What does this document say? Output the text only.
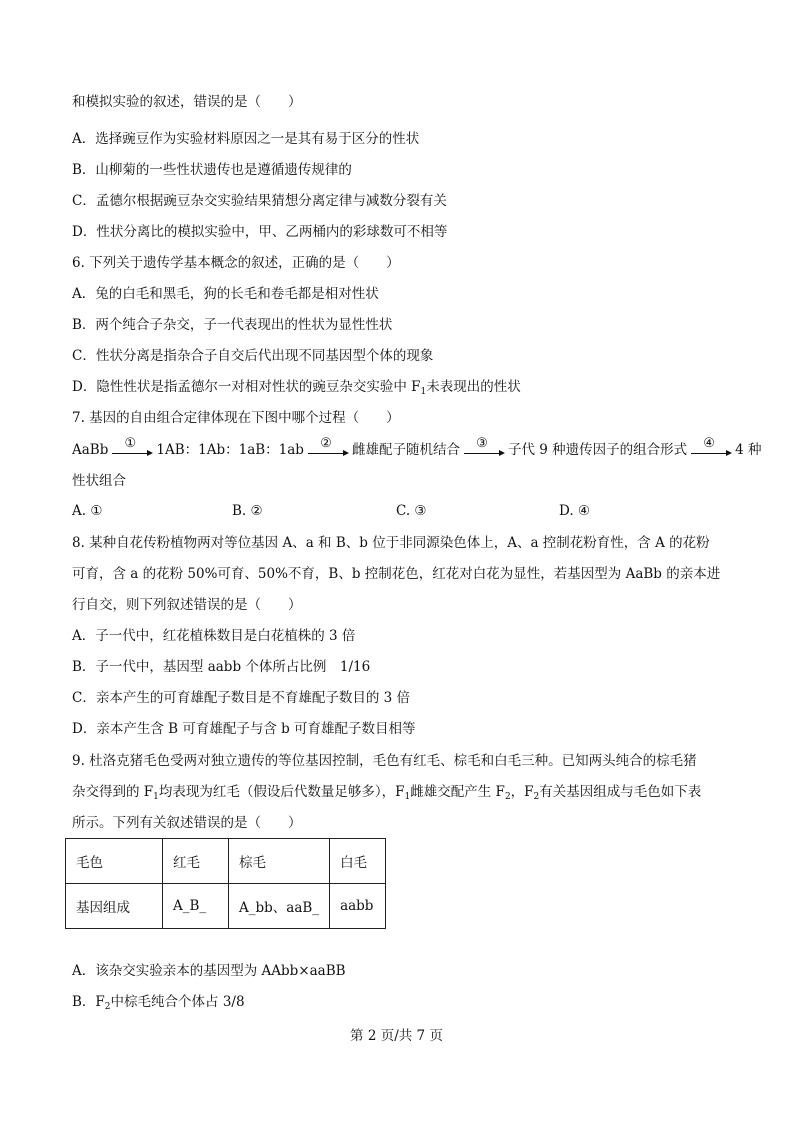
和模拟实验的叙述，错误的是（　　）
A．选择豌豆作为实验材料原因之一是其有易于区分的性状
B．山柳菊的一些性状遗传也是遵循遗传规律的
C．孟德尔根据豌豆杂交实验结果猜想分离定律与减数分裂有关
D．性状分离比的模拟实验中，甲、乙两桶内的彩球数可不相等
6. 下列关于遗传学基本概念的叙述，正确的是（　　）
A．兔的白毛和黑毛，狗的长毛和卷毛都是相对性状
B．两个纯合子杂交，子一代表现出的性状为显性性状
C．性状分离是指杂合子自交后代出现不同基因型个体的现象
D．隐性性状是指孟德尔一对相对性状的豌豆杂交实验中 $F_1$未表现出的性状
7. 基因的自由组合定律体现在下图中哪个过程（　　）
AaBb	①	1AB：1Ab：1aB：1ab	②	雌雄配子随机结合	③	子代 9 种遗传因子的组合形式	④	4 种
性状组合
A. ①	B. ②	C. ③	D. ④
8. 某种自花传粉植物两对等位基因 A、a 和 B、b 位于非同源染色体上，A、a 控制花粉育性，含 A 的花粉
可育，含 a 的花粉 50%可育、50%不育，B、b 控制花色，红花对白花为显性，若基因型为 AaBb 的亲本进
行自交，则下列叙述错误的是（　　）
A．子一代中，红花植株数目是白花植株的 3 倍
B．子一代中，基因型 aabb 个体所占比例　1/16
C．亲本产生的可育雄配子数目是不育雄配子数目的 3 倍
D．亲本产生含 B 可育雄配子与含 b 可育雄配子数目相等
9. 杜洛克猪毛色受两对独立遗传的等位基因控制，毛色有红毛、棕毛和白毛三种。已知两头纯合的棕毛猪
杂交得到的 $F_1$均表现为红毛（假设后代数量足够多），$F_1$雌雄交配产生 $F_2$，$F_2$有关基因组成与毛色如下表
所示。下列有关叙述错误的是（　　）
毛色	红毛	棕毛	白毛
基因组成	A_B_	A_bb、aaB_	aabb
A．该杂交实验亲本的基因型为 AAbb×aaBB
B．$F_2$中棕毛纯合个体占 3/8
第 2 页/共 7 页
